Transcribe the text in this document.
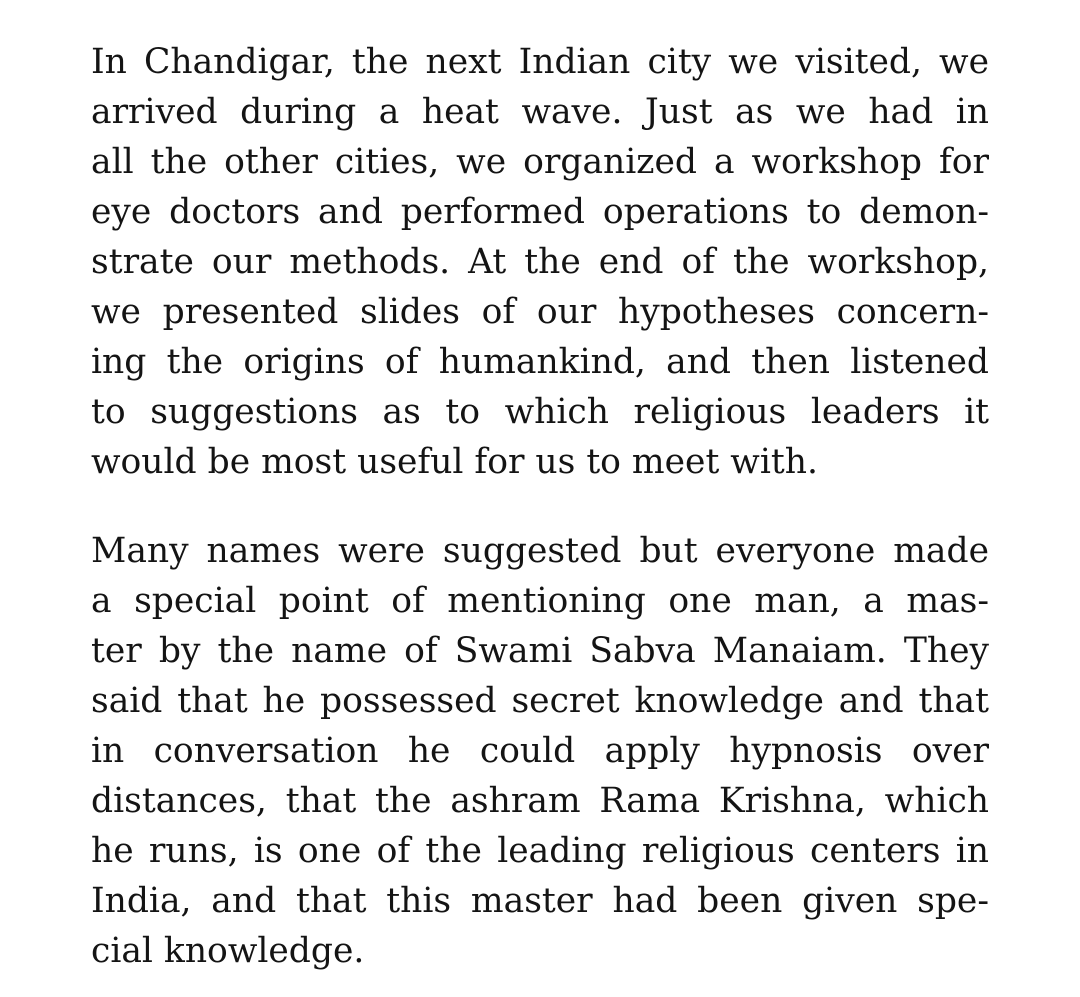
In Chandigar, the next Indian city we visited, we
arrived during a heat wave. Just as we had in
all the other cities, we organized a workshop for
eye doctors and performed operations to demon-
strate our methods. At the end of the workshop,
we presented slides of our hypotheses concern-
ing the origins of humankind, and then listened
to suggestions as to which religious leaders it
would be most useful for us to meet with.
Many names were suggested but everyone made
a special point of mentioning one man, a mas-
ter by the name of Swami Sabva Manaiam. They
said that he possessed secret knowledge and that
in conversation he could apply hypnosis over
distances, that the ashram Rama Krishna, which
he runs, is one of the leading religious centers in
India, and that this master had been given spe-
cial knowledge.
